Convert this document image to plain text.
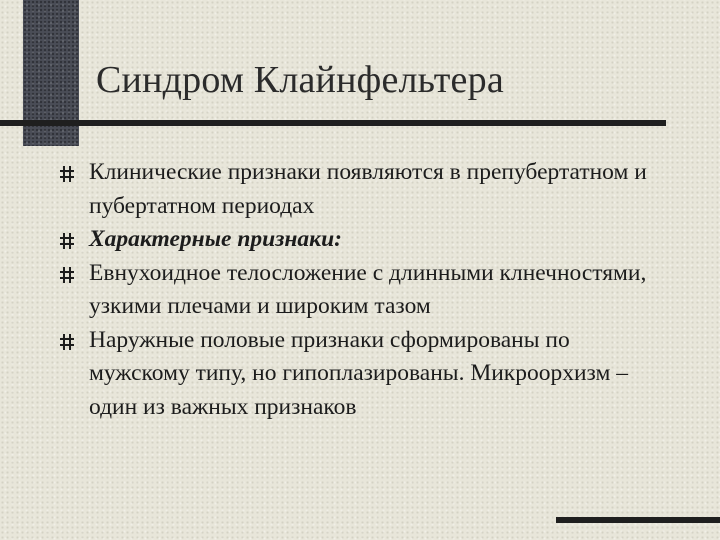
Синдром Клайнфельтера
Клинические признаки появляются в препубертатном и пубертатном периодах
Характерные признаки:
Евнухоидное телосложение с длинными клнечностями, узкими плечами и широким тазом
Наружные половые признаки сформированы по мужскому типу, но гипоплазированы. Микроорхизм – один из важных признаков
